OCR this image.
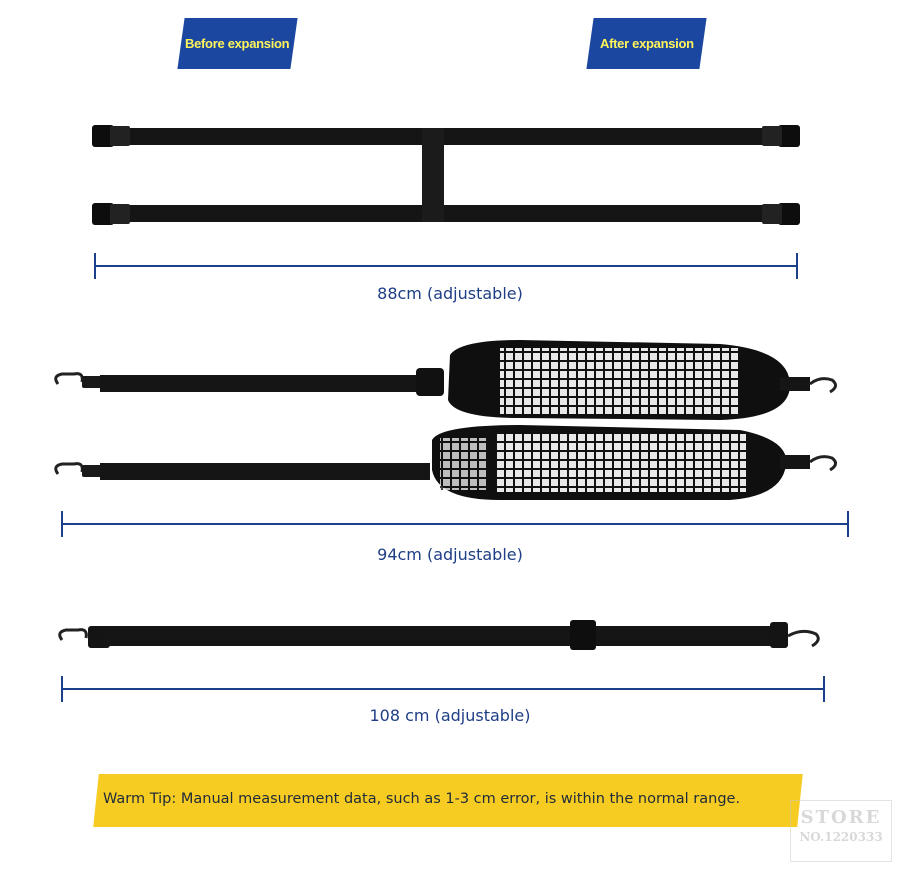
Before expansion	After expansion
88cm (adjustable)
94cm (adjustable)
108 cm (adjustable)
Warm Tip: Manual measurement data, such as 1-3 cm error, is within the normal range.
STORE
NO.1220333
